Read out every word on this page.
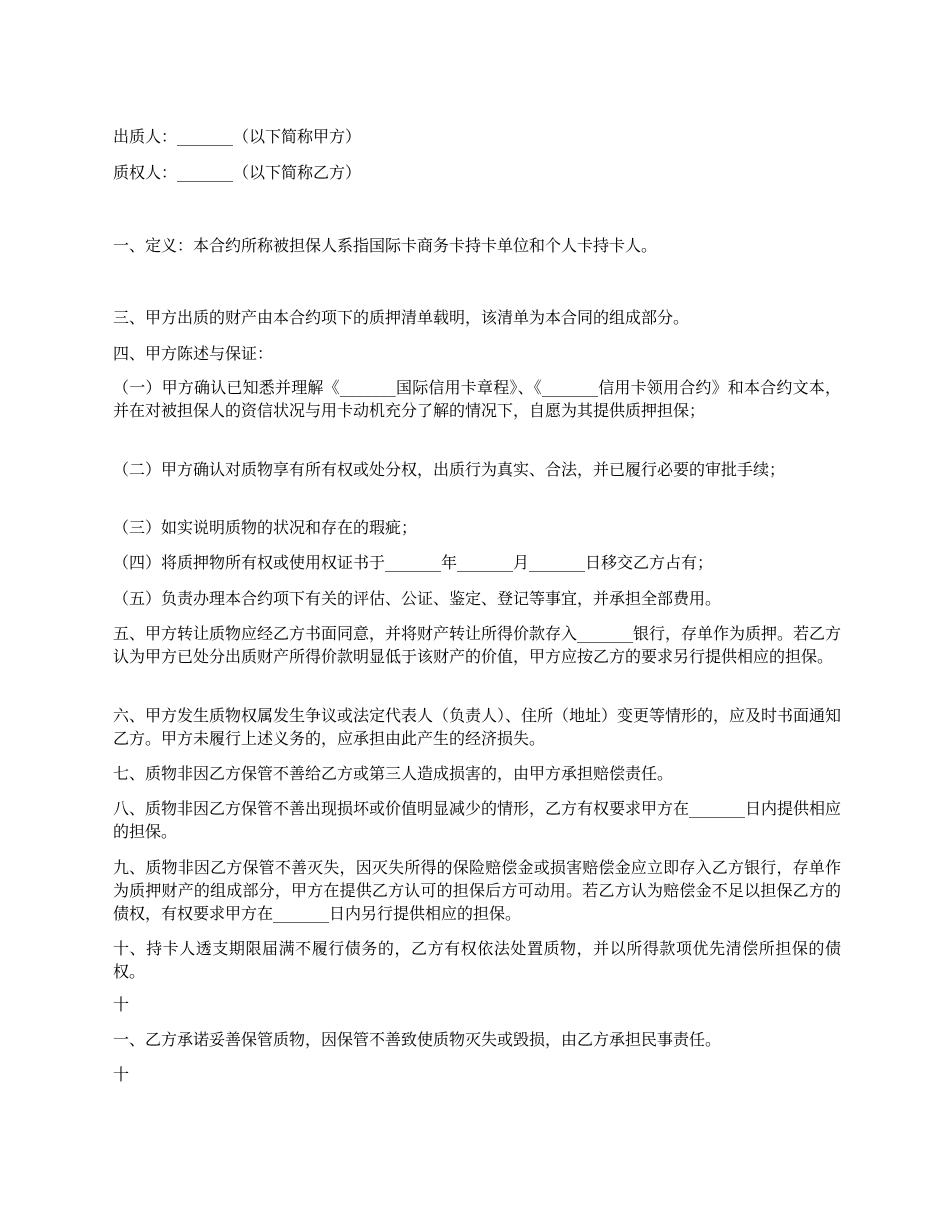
出质人：_______（以下简称甲方）

质权人：_______（以下简称乙方）

一、定义：本合约所称被担保人系指国际卡商务卡持卡单位和个人卡持卡人。

三、甲方出质的财产由本合约项下的质押清单载明，该清单为本合同的组成部分。

四、甲方陈述与保证：

（一）甲方确认已知悉并理解《_______国际信用卡章程》、《_______信用卡领用合约》和本合约文本，并在对被担保人的资信状况与用卡动机充分了解的情况下，自愿为其提供质押担保；

（二）甲方确认对质物享有所有权或处分权，出质行为真实、合法，并已履行必要的审批手续；

（三）如实说明质物的状况和存在的瑕疵；

（四）将质押物所有权或使用权证书于_______年_______月_______日移交乙方占有；

（五）负责办理本合约项下有关的评估、公证、鉴定、登记等事宜，并承担全部费用。

五、甲方转让质物应经乙方书面同意，并将财产转让所得价款存入_______银行，存单作为质押。若乙方认为甲方已处分出质财产所得价款明显低于该财产的价值，甲方应按乙方的要求另行提供相应的担保。

六、甲方发生质物权属发生争议或法定代表人（负责人）、住所（地址）变更等情形的，应及时书面通知乙方。甲方未履行上述义务的，应承担由此产生的经济损失。

七、质物非因乙方保管不善给乙方或第三人造成损害的，由甲方承担赔偿责任。

八、质物非因乙方保管不善出现损坏或价值明显减少的情形，乙方有权要求甲方在_______日内提供相应的担保。

九、质物非因乙方保管不善灭失，因灭失所得的保险赔偿金或损害赔偿金应立即存入乙方银行，存单作为质押财产的组成部分，甲方在提供乙方认可的担保后方可动用。若乙方认为赔偿金不足以担保乙方的债权，有权要求甲方在_______日内另行提供相应的担保。

十、持卡人透支期限届满不履行债务的，乙方有权依法处置质物，并以所得款项优先清偿所担保的债权。

十

一、乙方承诺妥善保管质物，因保管不善致使质物灭失或毁损，由乙方承担民事责任。

十
